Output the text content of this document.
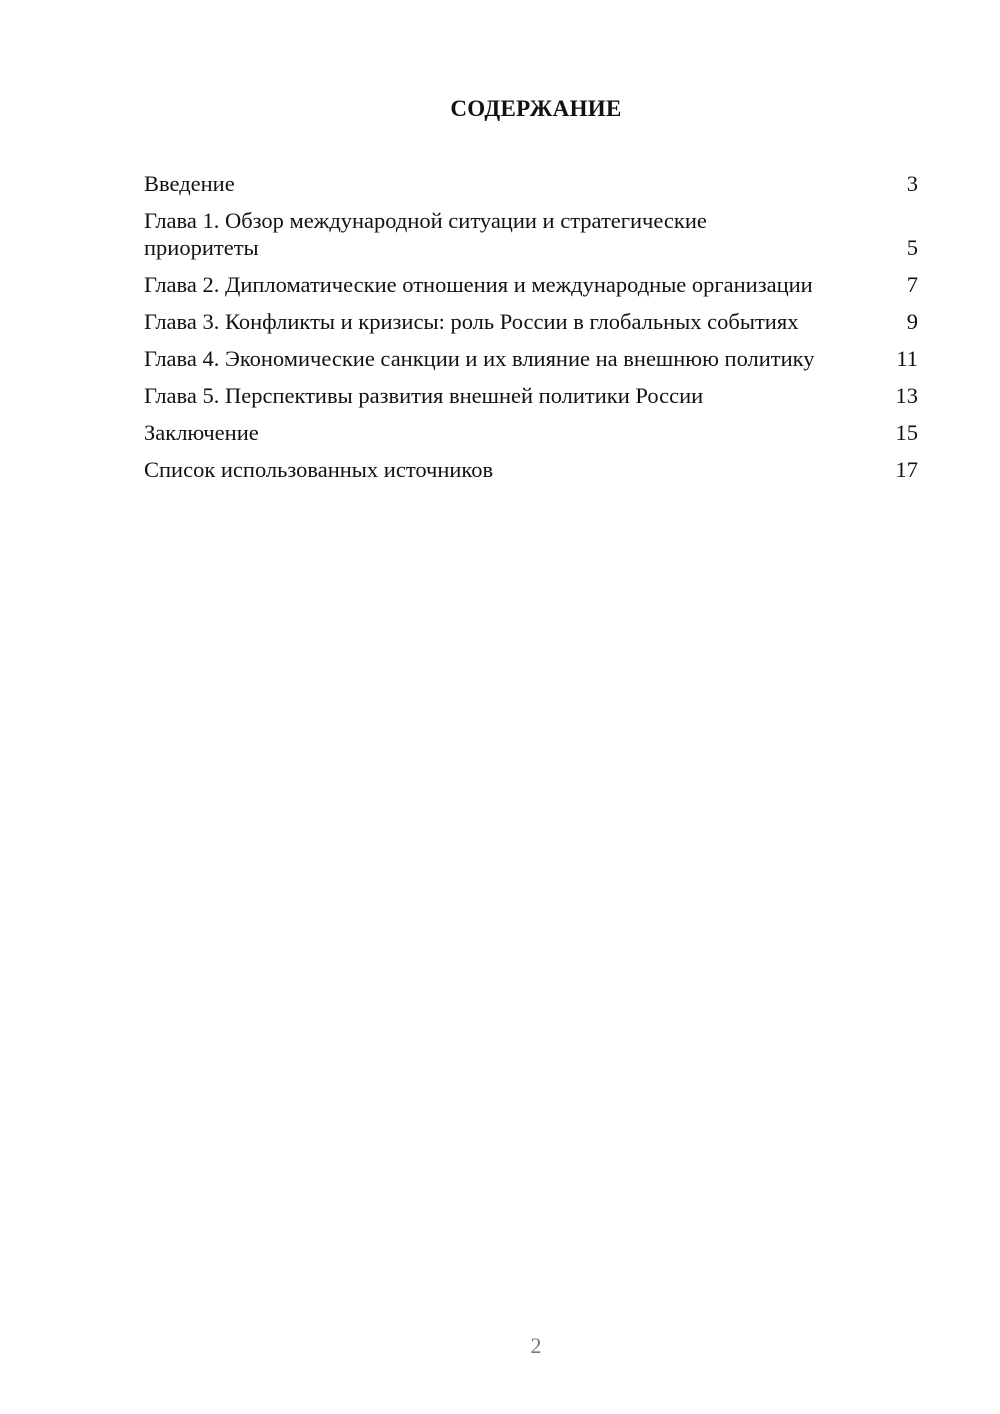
СОДЕРЖАНИЕ
Введение	3
Глава 1. Обзор международной ситуации и стратегические приоритеты	5
Глава 2. Дипломатические отношения и международные организации	7
Глава 3. Конфликты и кризисы: роль России в глобальных событиях	9
Глава 4. Экономические санкции и их влияние на внешнюю политику	11
Глава 5. Перспективы развития внешней политики России	13
Заключение	15
Список использованных источников	17
2
